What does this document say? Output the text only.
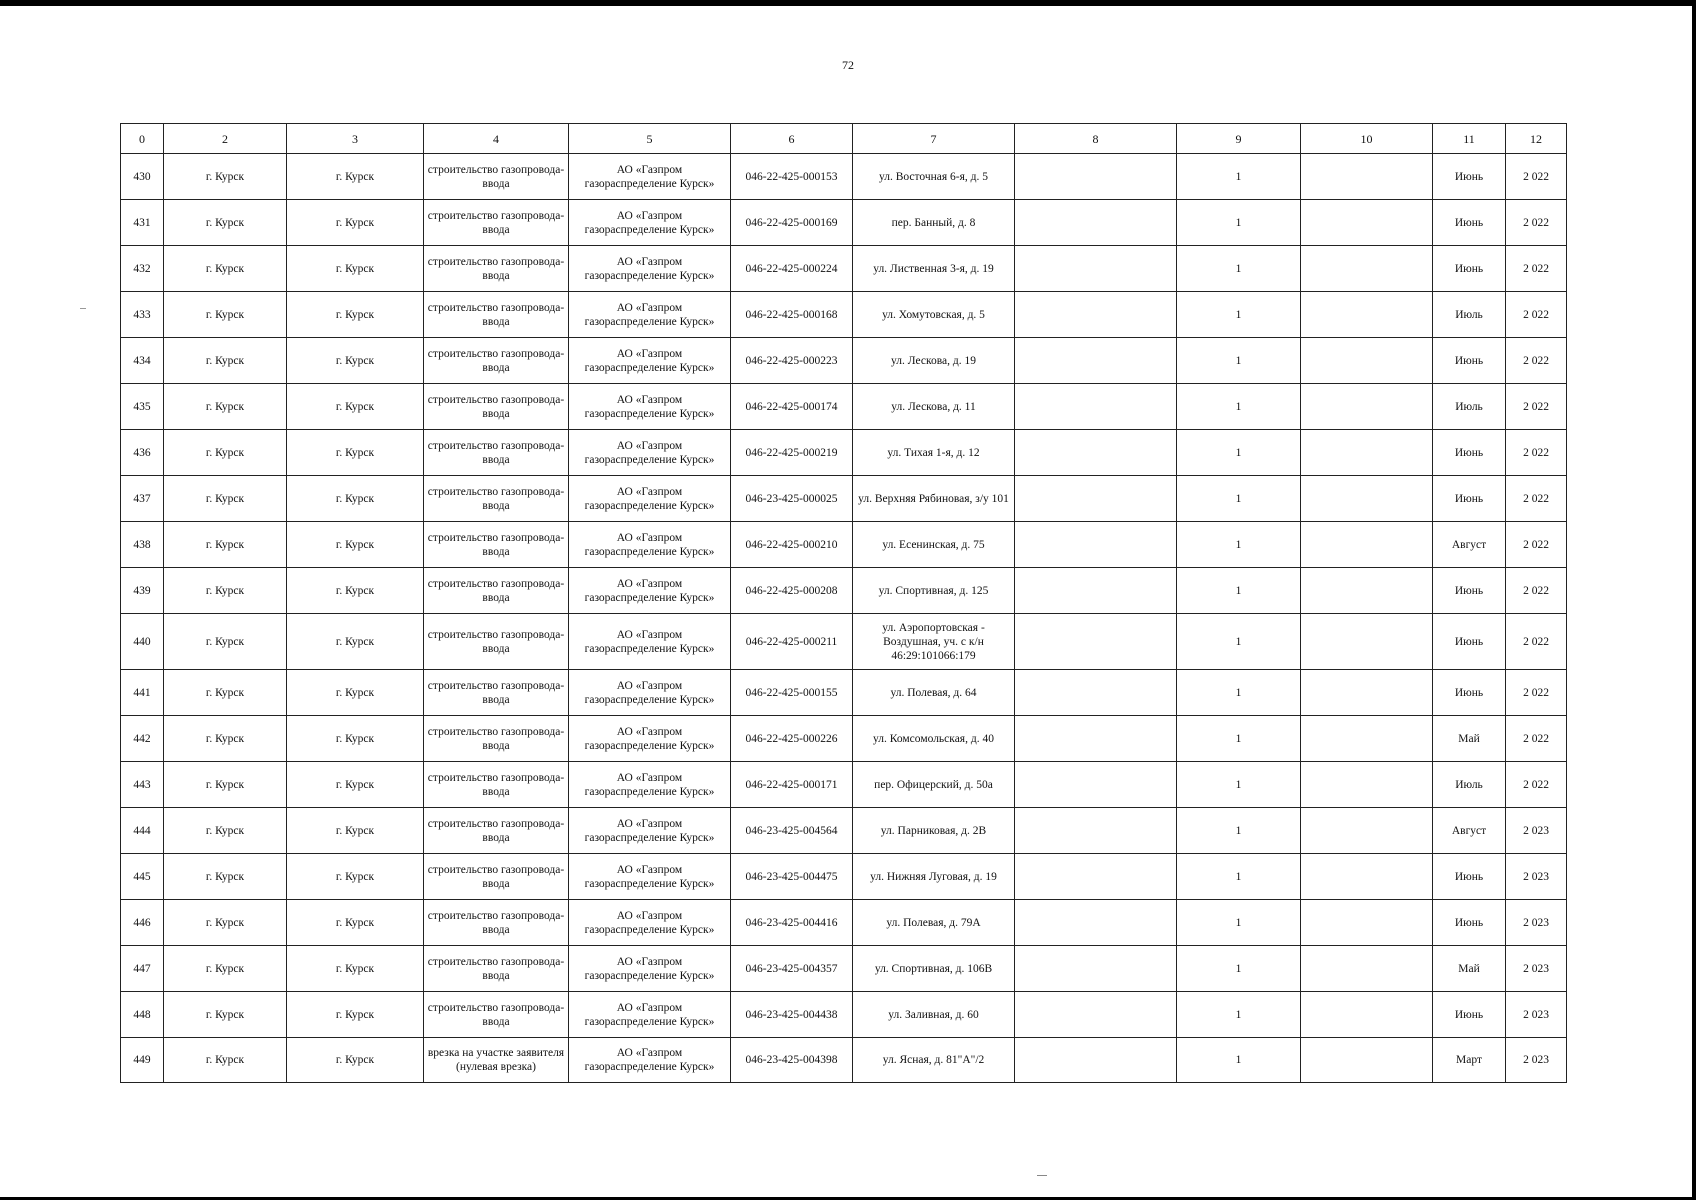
72
0	2	3	4	5	6	7	8	9	10	11	12
430	г. Курск	г. Курск	строительство газопровода-ввода	АО «Газпром газораспределение Курск»	046-22-425-000153	ул. Восточная 6-я, д. 5		1		Июнь	2 022
431	г. Курск	г. Курск	строительство газопровода-ввода	АО «Газпром газораспределение Курск»	046-22-425-000169	пер. Банный, д. 8		1		Июнь	2 022
432	г. Курск	г. Курск	строительство газопровода-ввода	АО «Газпром газораспределение Курск»	046-22-425-000224	ул. Лиственная 3-я, д. 19		1		Июнь	2 022
433	г. Курск	г. Курск	строительство газопровода-ввода	АО «Газпром газораспределение Курск»	046-22-425-000168	ул. Хомутовская, д. 5		1		Июль	2 022
434	г. Курск	г. Курск	строительство газопровода-ввода	АО «Газпром газораспределение Курск»	046-22-425-000223	ул. Лескова, д. 19		1		Июнь	2 022
435	г. Курск	г. Курск	строительство газопровода-ввода	АО «Газпром газораспределение Курск»	046-22-425-000174	ул. Лескова, д. 11		1		Июль	2 022
436	г. Курск	г. Курск	строительство газопровода-ввода	АО «Газпром газораспределение Курск»	046-22-425-000219	ул. Тихая 1-я, д. 12		1		Июнь	2 022
437	г. Курск	г. Курск	строительство газопровода-ввода	АО «Газпром газораспределение Курск»	046-23-425-000025	ул. Верхняя Рябиновая, з/у 101		1		Июнь	2 022
438	г. Курск	г. Курск	строительство газопровода-ввода	АО «Газпром газораспределение Курск»	046-22-425-000210	ул. Есенинская, д. 75		1		Август	2 022
439	г. Курск	г. Курск	строительство газопровода-ввода	АО «Газпром газораспределение Курск»	046-22-425-000208	ул. Спортивная, д. 125		1		Июнь	2 022
440	г. Курск	г. Курск	строительство газопровода-ввода	АО «Газпром газораспределение Курск»	046-22-425-000211	ул. Аэропортовская - Воздушная, уч. с к/н 46:29:101066:179		1		Июнь	2 022
441	г. Курск	г. Курск	строительство газопровода-ввода	АО «Газпром газораспределение Курск»	046-22-425-000155	ул. Полевая, д. 64		1		Июнь	2 022
442	г. Курск	г. Курск	строительство газопровода-ввода	АО «Газпром газораспределение Курск»	046-22-425-000226	ул. Комсомольская, д. 40		1		Май	2 022
443	г. Курск	г. Курск	строительство газопровода-ввода	АО «Газпром газораспределение Курск»	046-22-425-000171	пер. Офицерский, д. 50а		1		Июль	2 022
444	г. Курск	г. Курск	строительство газопровода-ввода	АО «Газпром газораспределение Курск»	046-23-425-004564	ул. Парниковая, д. 2В		1		Август	2 023
445	г. Курск	г. Курск	строительство газопровода-ввода	АО «Газпром газораспределение Курск»	046-23-425-004475	ул. Нижняя Луговая, д. 19		1		Июнь	2 023
446	г. Курск	г. Курск	строительство газопровода-ввода	АО «Газпром газораспределение Курск»	046-23-425-004416	ул. Полевая, д. 79А		1		Июнь	2 023
447	г. Курск	г. Курск	строительство газопровода-ввода	АО «Газпром газораспределение Курск»	046-23-425-004357	ул. Спортивная, д. 106В		1		Май	2 023
448	г. Курск	г. Курск	строительство газопровода-ввода	АО «Газпром газораспределение Курск»	046-23-425-004438	ул. Заливная, д. 60		1		Июнь	2 023
449	г. Курск	г. Курск	врезка на участке заявителя (нулевая врезка)	АО «Газпром газораспределение Курск»	046-23-425-004398	ул. Ясная, д. 81"А"/2		1		Март	2 023
